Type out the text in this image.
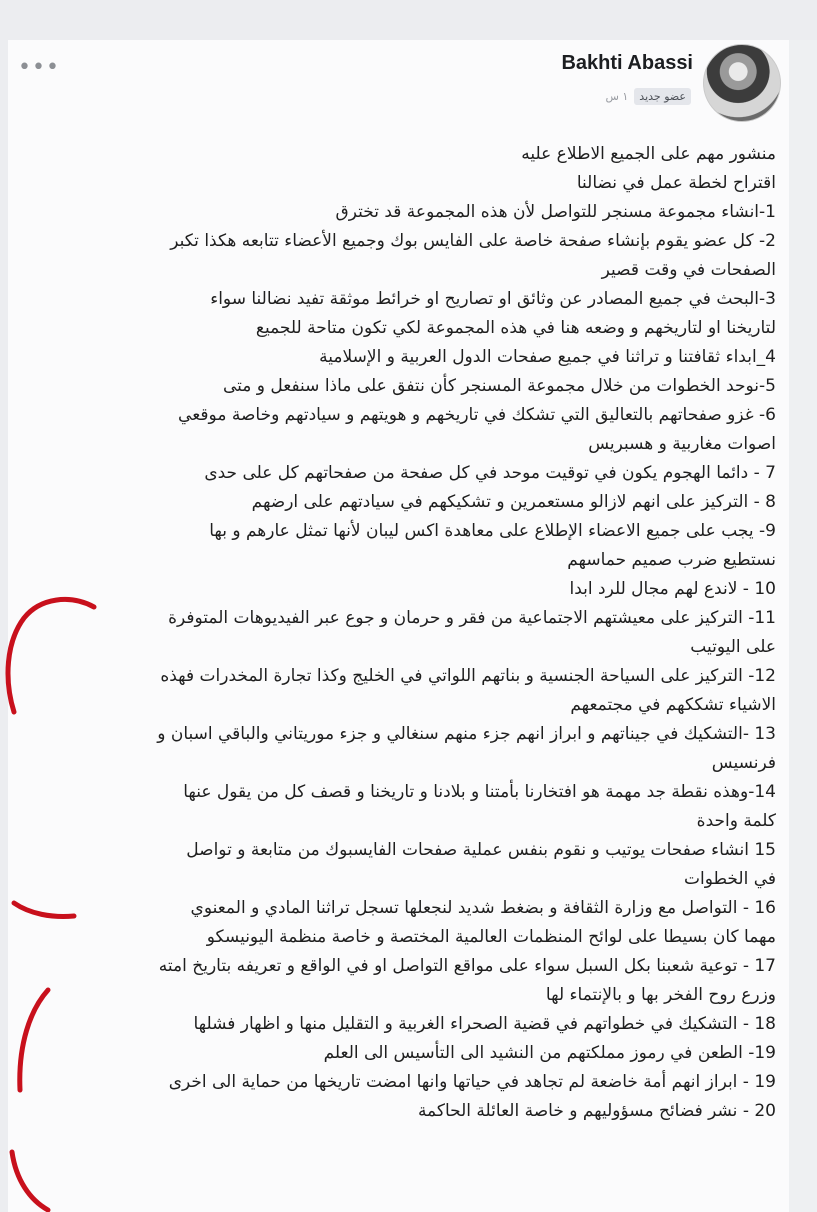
•••	Bakhti Abassi
١ س	عضو جديد
منشور مهم على الجميع الاطلاع عليه
اقتراح لخطة عمل في نضالنا
1-انشاء مجموعة مسنجر للتواصل لأن هذه المجموعة قد تخترق
2- كل عضو يقوم بإنشاء صفحة خاصة على الفايس بوك وجميع الأعضاء تتابعه هكذا تكبر
الصفحات في وقت قصير
3-البحث في جميع المصادر عن وثائق او تصاريح او خرائط موثقة تفيد نضالنا سواء
لتاريخنا او لتاريخهم و وضعه هنا في هذه المجموعة لكي تكون متاحة للجميع
4_ابداء ثقافتنا و تراثنا في جميع صفحات الدول العربية و الإسلامية
5-نوحد الخطوات من خلال مجموعة المسنجر كأن نتفق على ماذا سنفعل و متى
6- غزو صفحاتهم بالتعاليق التي تشكك في تاريخهم و هويتهم و سيادتهم وخاصة موقعي
اصوات مغاربية و هسبريس
7 - دائما الهجوم يكون في توقيت موحد في كل صفحة من صفحاتهم كل على حدى
8 - التركيز على انهم لازالو مستعمرين و تشكيكهم في سيادتهم على ارضهم
9- يجب على جميع الاعضاء الإطلاع على معاهدة اكس ليبان لأنها تمثل عارهم و بها
نستطيع ضرب صميم حماسهم
10 - لاندع لهم مجال للرد ابدا
11- التركيز على معيشتهم الاجتماعية من فقر و حرمان و جوع عبر الفيديوهات المتوفرة
على اليوتيب
12- التركيز على السياحة الجنسية و بناتهم اللواتي في الخليج وكذا تجارة المخدرات فهذه
الاشياء تشككهم في مجتمعهم
13 -التشكيك في جيناتهم و ابراز انهم جزء منهم سنغالي و جزء موريتاني والباقي اسبان و
فرنسيس
14-وهذه نقطة جد مهمة هو افتخارنا بأمتنا و بلادنا و تاريخنا و قصف كل من يقول عنها
كلمة واحدة
15 انشاء صفحات يوتيب و نقوم بنفس عملية صفحات الفايسبوك من متابعة و تواصل
في الخطوات
16 - التواصل مع وزارة الثقافة و بضغط شديد لنجعلها تسجل تراثنا المادي و المعنوي
مهما كان بسيطا على لوائح المنظمات العالمية المختصة و خاصة منظمة اليونيسكو
17 - توعية شعبنا بكل السبل سواء على مواقع التواصل او في الواقع و تعريفه بتاريخ امته
وزرع روح الفخر بها و بالإنتماء لها
18 - التشكيك في خطواتهم في قضية الصحراء الغربية و التقليل منها و اظهار فشلها
19- الطعن في رموز مملكتهم من النشيد الى التأسيس الى العلم
19 - ابراز انهم أمة خاضعة لم تجاهد في حياتها وانها امضت تاريخها من حماية الى اخرى
20 - نشر فضائح مسؤوليهم و خاصة العائلة الحاكمة
